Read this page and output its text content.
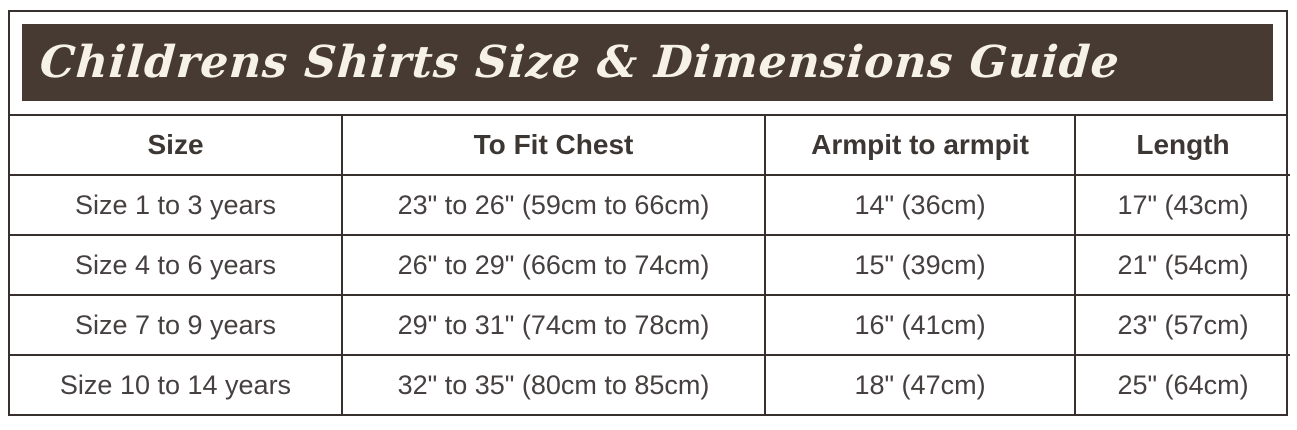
Childrens Shirts Size & Dimensions Guide
Size	To Fit Chest	Armpit to armpit	Length
Size 1 to 3 years	23" to 26" (59cm to 66cm)	14" (36cm)	17" (43cm)
Size 4 to 6 years	26" to 29" (66cm to 74cm)	15" (39cm)	21" (54cm)
Size 7 to 9 years	29" to 31" (74cm to 78cm)	16" (41cm)	23" (57cm)
Size 10 to 14 years	32" to 35" (80cm to 85cm)	18" (47cm)	25" (64cm)
